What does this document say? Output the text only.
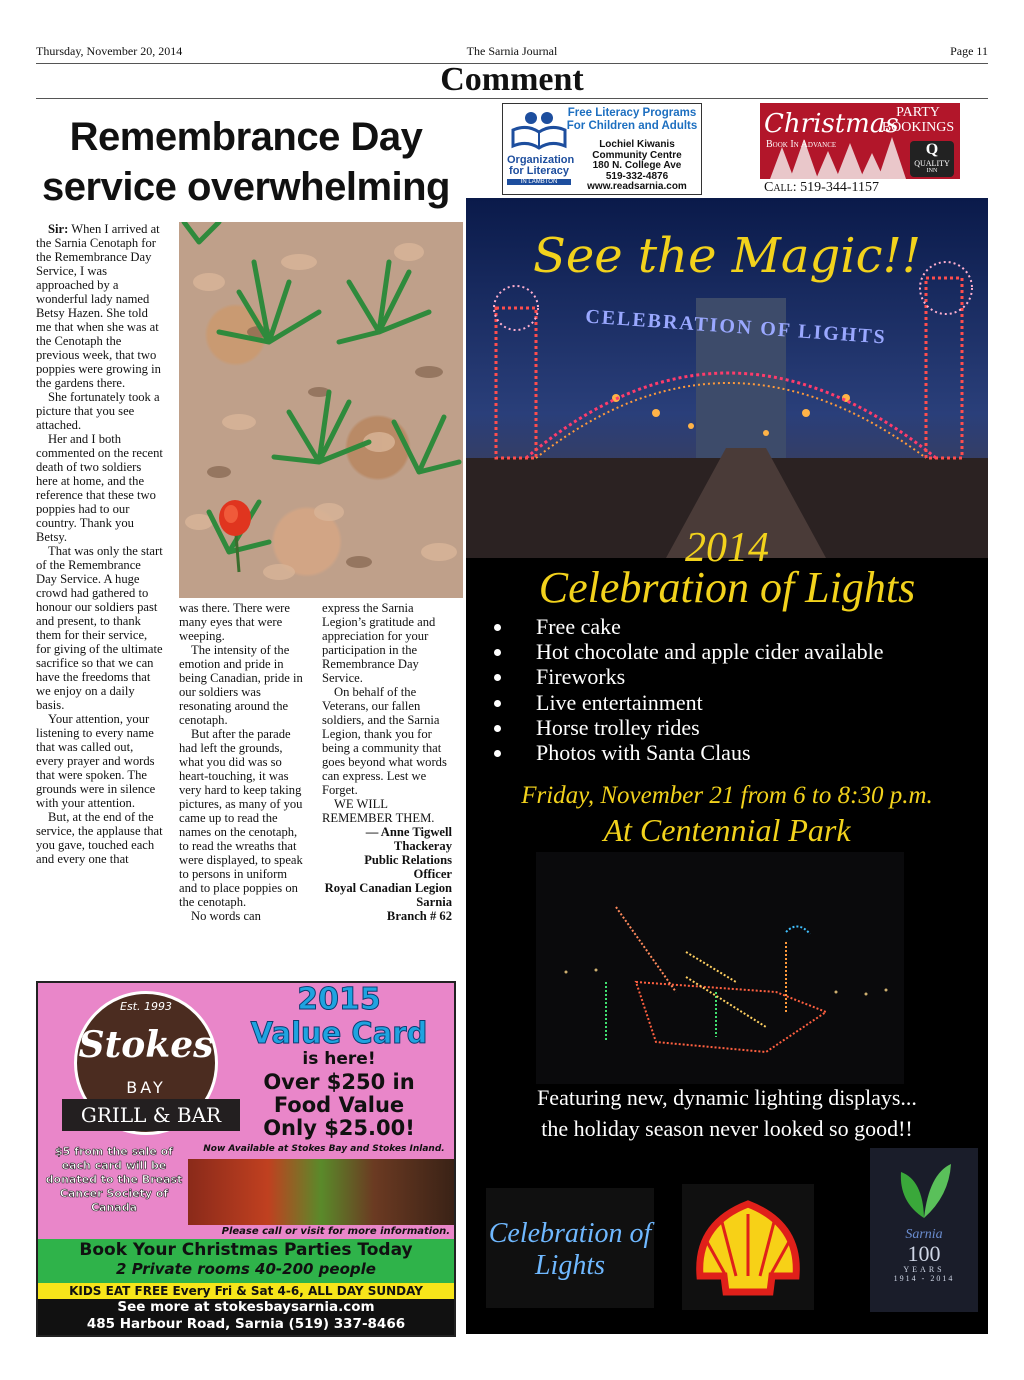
Thursday, November 20, 2014	The Sarnia Journal	Page 11
Comment
Remembrance Day
service overwhelming

Sir: When I arrived at the Sarnia Cenotaph for the Remembrance Day Service, I was approached by a wonderful lady named Betsy Hazen. She told me that when she was at the Cenotaph the previous week, that two poppies were growing in the gardens there.

She fortunately took a picture that you see attached.

Her and I both commented on the recent death of two soldiers here at home, and the reference that these two poppies had to our country. Thank you Betsy.

That was only the start of the Remembrance Day Service. A huge crowd had gathered to honour our soldiers past and present, to thank them for their service, for giving of the ultimate sacrifice so that we can have the freedoms that we enjoy on a daily basis.

Your attention, your listening to every name that was called out, every prayer and words that were spoken. The grounds were in silence with your attention.

But, at the end of the service, the applause that you gave, touched each and every one that

was there. There were many eyes that were weeping.

The intensity of the emotion and pride in being Canadian, pride in our soldiers was resonating around the cenotaph.

But after the parade had left the grounds, what you did was so heart-touching, it was very hard to keep taking pictures, as many of you came up to read the names on the cenotaph, to read the wreaths that were displayed, to speak to persons in uniform and to place poppies on the cenotaph.

No words can

express the Sarnia Legion’s gratitude and appreciation for your participation in the Remembrance Day Service.

On behalf of the Veterans, our fallen soldiers, and the Sarnia Legion, thank you for being a community that goes beyond what words can express. Lest we Forget.

WE WILL REMEMBER THEM.

— Anne Tigwell
Thackeray
Public Relations
Officer
Royal Canadian Legion Sarnia
Branch # 62
Organization
for Literacy
IN LAMBTON
Free Literacy Programs
For Children and Adults
Lochiel Kiwanis
Community Centre
180 N. College Ave
519-332-4876
www.readsarnia.com
Christmas
PARTY
BOOKINGS
Book In Advance	Q
QUALITY
INN
Call: 519-344-1157
CELEBRATION OF LIGHTS
See the Magic!!
2014
Celebration of Lights
• Free cake
• Hot chocolate and apple cider available
• Fireworks
• Live entertainment
• Horse trolley rides
• Photos with Santa Claus
Friday, November 21 from 6 to 8:30 p.m.
At Centennial Park
Featuring new, dynamic lighting displays...
the holiday season never looked so good!!
Celebration of Lights
Sarnia
100
YEARS
1914 - 2014
Est. 1993
Stokes
BAY
GRILL & BAR
2015
Value Card
is here!
Over $250 in
Food Value
Only $25.00!
Now Available at Stokes Bay and Stokes Inland.
$5 from the sale of each card will be donated to the Breast Cancer Society of Canada
Please call or visit for more information.
Book Your Christmas Parties Today
2 Private rooms 40-200 people
KIDS EAT FREE Every Fri & Sat 4-6, ALL DAY SUNDAY
See more at stokesbaysarnia.com
485 Harbour Road, Sarnia (519) 337-8466
